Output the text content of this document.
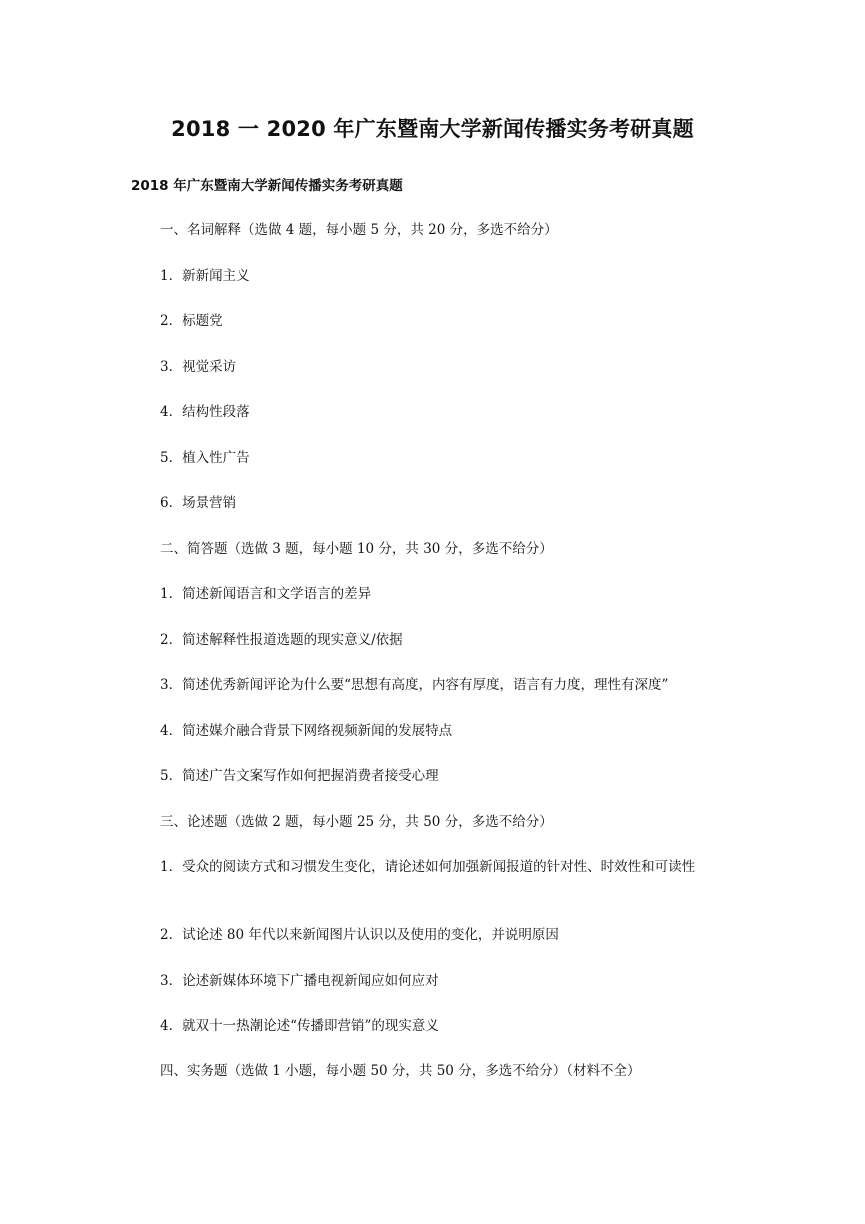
2018 一 2020 年广东暨南大学新闻传播实务考研真题
2018 年广东暨南大学新闻传播实务考研真题
一、名词解释（选做 4 题，每小题 5 分，共 20 分，多选不给分）
1．新新闻主义
2．标题党
3．视觉采访
4．结构性段落
5．植入性广告
6．场景营销
二、简答题（选做 3 题，每小题 10 分，共 30 分，多选不给分）
1．简述新闻语言和文学语言的差异
2．简述解释性报道选题的现实意义/依据
3．简述优秀新闻评论为什么要“思想有高度，内容有厚度，语言有力度，理性有深度”
4．简述媒介融合背景下网络视频新闻的发展特点
5．简述广告文案写作如何把握消费者接受心理
三、论述题（选做 2 题，每小题 25 分，共 50 分，多选不给分）
1．受众的阅读方式和习惯发生变化，请论述如何加强新闻报道的针对性、时效性和可读性
2．试论述 80 年代以来新闻图片认识以及使用的变化，并说明原因
3．论述新媒体环境下广播电视新闻应如何应对
4．就双十一热潮论述“传播即营销”的现实意义
四、实务题（选做 1 小题，每小题 50 分，共 50 分，多选不给分）（材料不全）
